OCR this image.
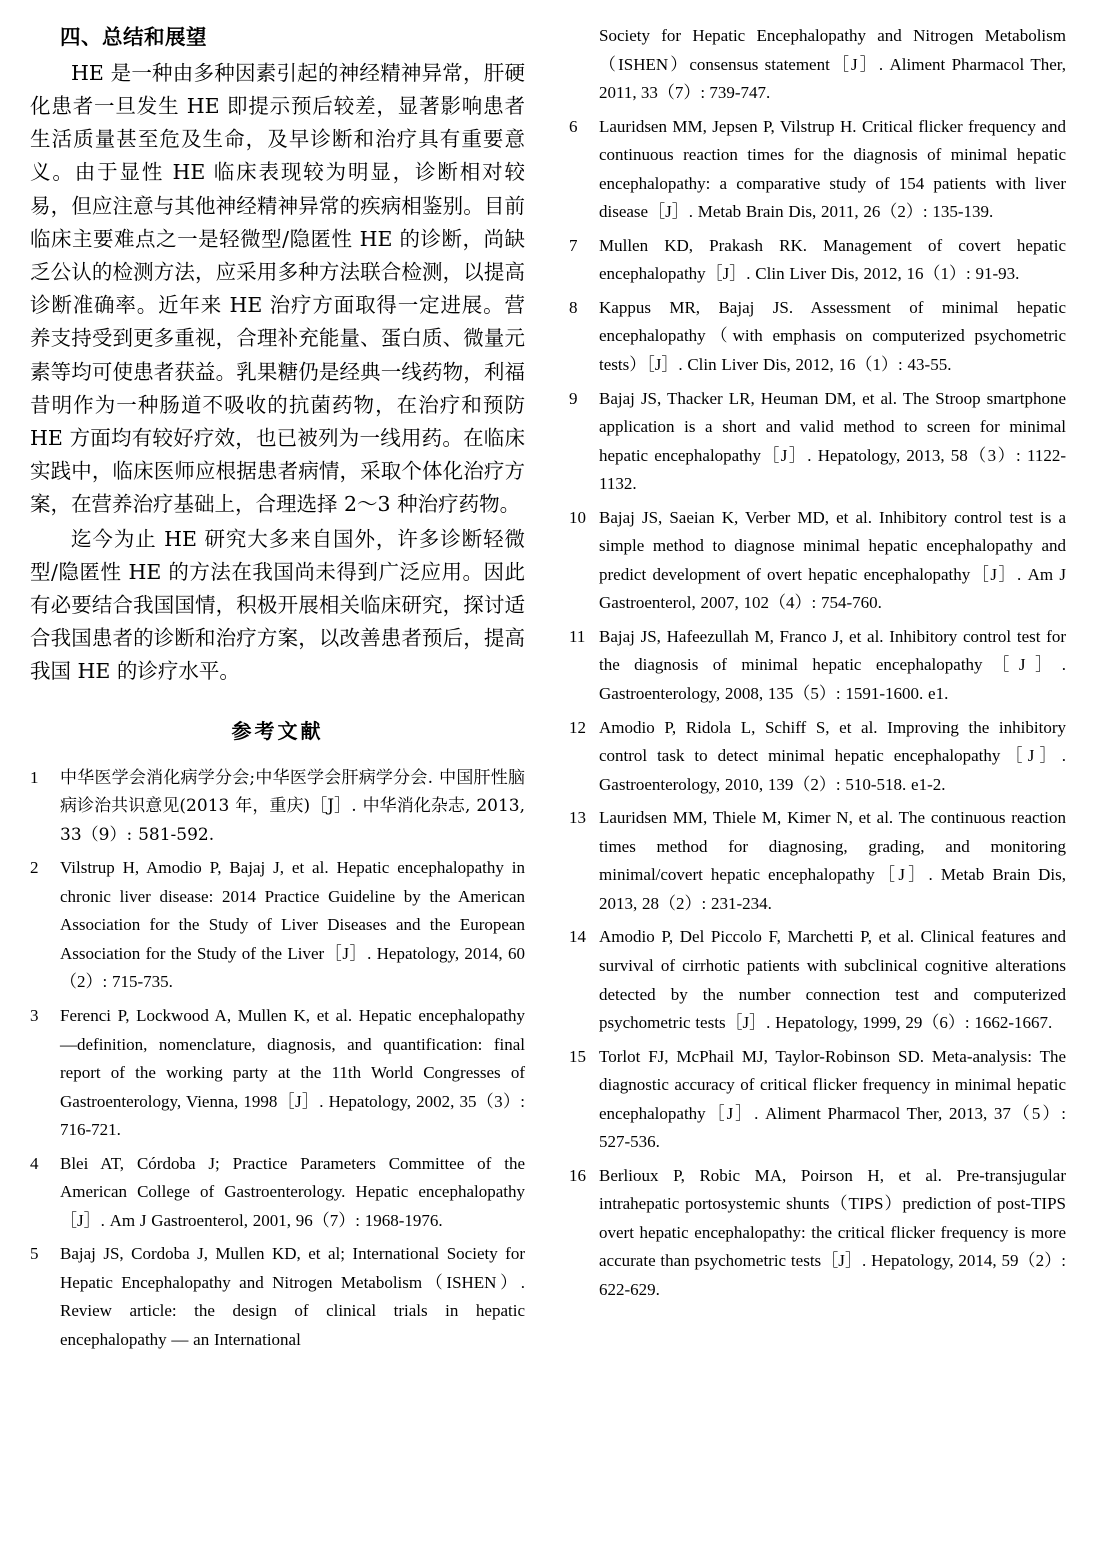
四、总结和展望

HE 是一种由多种因素引起的神经精神异常，肝硬化患者一旦发生 HE 即提示预后较差，显著影响患者生活质量甚至危及生命，及早诊断和治疗具有重要意义。由于显性 HE 临床表现较为明显，诊断相对较易，但应注意与其他神经精神异常的疾病相鉴别。目前临床主要难点之一是轻微型/隐匿性 HE 的诊断，尚缺乏公认的检测方法，应采用多种方法联合检测，以提高诊断准确率。近年来 HE 治疗方面取得一定进展。营养支持受到更多重视，合理补充能量、蛋白质、微量元素等均可使患者获益。乳果糖仍是经典一线药物，利福昔明作为一种肠道不吸收的抗菌药物，在治疗和预防 HE 方面均有较好疗效，也已被列为一线用药。在临床实践中，临床医师应根据患者病情，采取个体化治疗方案，在营养治疗基础上，合理选择 2～3 种治疗药物。

迄今为止 HE 研究大多来自国外，许多诊断轻微型/隐匿性 HE 的方法在我国尚未得到广泛应用。因此有必要结合我国国情，积极开展相关临床研究，探讨适合我国患者的诊断和治疗方案，以改善患者预后，提高我国 HE 的诊疗水平。

参考文献
1	中华医学会消化病学分会;中华医学会肝病学分会. 中国肝性脑病诊治共识意见(2013 年，重庆)［J］. 中华消化杂志, 2013, 33（9）: 581-592.
2	Vilstrup H, Amodio P, Bajaj J, et al. Hepatic encephalopathy in chronic liver disease: 2014 Practice Guideline by the American Association for the Study of Liver Diseases and the European Association for the Study of the Liver［J］. Hepatology, 2014, 60（2）: 715-735.
3	Ferenci P, Lockwood A, Mullen K, et al. Hepatic encephalopathy —definition, nomenclature, diagnosis, and quantification: final report of the working party at the 11th World Congresses of Gastroenterology, Vienna, 1998［J］. Hepatology, 2002, 35（3）: 716-721.
4	Blei AT, Córdoba J; Practice Parameters Committee of the American College of Gastroenterology. Hepatic encephalopathy［J］. Am J Gastroenterol, 2001, 96（7）: 1968-1976.
5	Bajaj JS, Cordoba J, Mullen KD, et al; International Society for Hepatic Encephalopathy and Nitrogen Metabolism（ISHEN）. Review article: the design of clinical trials in hepatic encephalopathy — an International

Society for Hepatic Encephalopathy and Nitrogen Metabolism（ISHEN）consensus statement［J］. Aliment Pharmacol Ther, 2011, 33（7）: 739-747.

6	Lauridsen MM, Jepsen P, Vilstrup H. Critical flicker frequency and continuous reaction times for the diagnosis of minimal hepatic encephalopathy: a comparative study of 154 patients with liver disease［J］. Metab Brain Dis, 2011, 26（2）: 135-139.
7	Mullen KD, Prakash RK. Management of covert hepatic encephalopathy［J］. Clin Liver Dis, 2012, 16（1）: 91-93.
8	Kappus MR, Bajaj JS. Assessment of minimal hepatic encephalopathy（with emphasis on computerized psychometric tests）［J］. Clin Liver Dis, 2012, 16（1）: 43-55.
9	Bajaj JS, Thacker LR, Heuman DM, et al. The Stroop smartphone application is a short and valid method to screen for minimal hepatic encephalopathy［J］. Hepatology, 2013, 58（3）: 1122-1132.
10 Bajaj JS, Saeian K, Verber MD, et al. Inhibitory control test is a simple method to diagnose minimal hepatic encephalopathy and predict development of overt hepatic encephalopathy［J］. Am J Gastroenterol, 2007, 102（4）: 754-760.
11 Bajaj JS, Hafeezullah M, Franco J, et al. Inhibitory control test for the diagnosis of minimal hepatic encephalopathy［J］. Gastroenterology, 2008, 135（5）: 1591-1600. e1.
12 Amodio P, Ridola L, Schiff S, et al. Improving the inhibitory control task to detect minimal hepatic encephalopathy［J］. Gastroenterology, 2010, 139（2）: 510-518. e1-2.
13 Lauridsen MM, Thiele M, Kimer N, et al. The continuous reaction times method for diagnosing, grading, and monitoring minimal/covert hepatic encephalopathy［J］. Metab Brain Dis, 2013, 28（2）: 231-234.
14 Amodio P, Del Piccolo F, Marchetti P, et al. Clinical features and survival of cirrhotic patients with subclinical cognitive alterations detected by the number connection test and computerized psychometric tests［J］. Hepatology, 1999, 29（6）: 1662-1667.
15 Torlot FJ, McPhail MJ, Taylor-Robinson SD. Meta-analysis: The diagnostic accuracy of critical flicker frequency in minimal hepatic encephalopathy［J］. Aliment Pharmacol Ther, 2013, 37（5）: 527-536.
16 Berlioux P, Robic MA, Poirson H, et al. Pre-transjugular intrahepatic portosystemic shunts（TIPS）prediction of post-TIPS overt hepatic encephalopathy: the critical flicker frequency is more accurate than psychometric tests［J］. Hepatology, 2014, 59（2）: 622-629.
